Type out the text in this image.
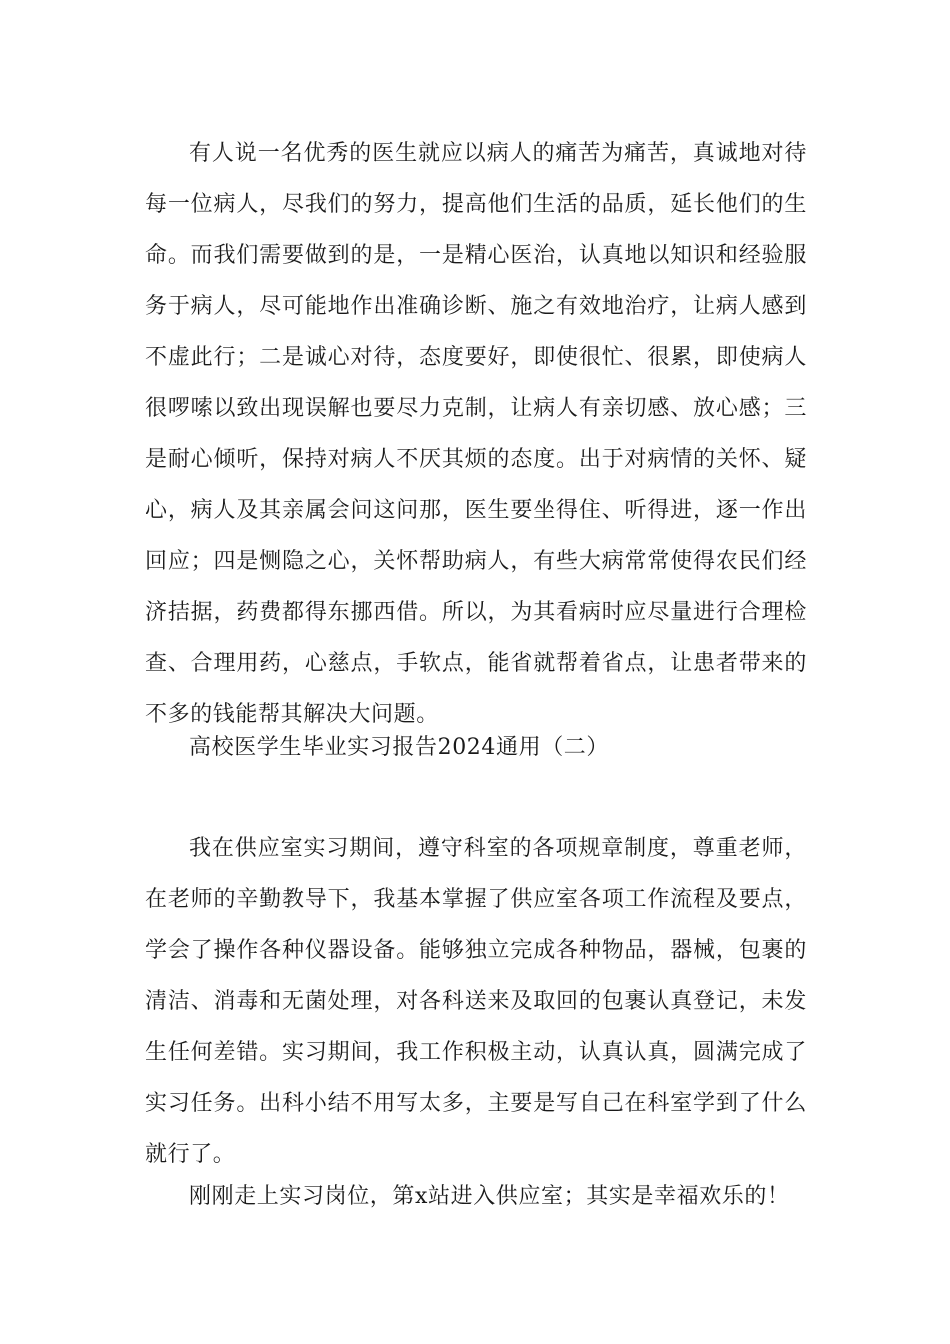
有人说一名优秀的医生就应以病人的痛苦为痛苦，真诚地对待每一位病人，尽我们的努力，提高他们生活的品质，延长他们的生命。而我们需要做到的是，一是精心医治，认真地以知识和经验服务于病人，尽可能地作出准确诊断、施之有效地治疗，让病人感到不虚此行；二是诚心对待，态度要好，即使很忙、很累，即使病人很啰嗦以致出现误解也要尽力克制，让病人有亲切感、放心感；三是耐心倾听，保持对病人不厌其烦的态度。出于对病情的关怀、疑心，病人及其亲属会问这问那，医生要坐得住、听得进，逐一作出回应；四是恻隐之心，关怀帮助病人，有些大病常常使得农民们经济拮据，药费都得东挪西借。所以，为其看病时应尽量进行合理检查、合理用药，心慈点，手软点，能省就帮着省点，让患者带来的不多的钱能帮其解决大问题。

高校医学生毕业实习报告2024通用（二）

我在供应室实习期间，遵守科室的各项规章制度，尊重老师，在老师的辛勤教导下，我基本掌握了供应室各项工作流程及要点，学会了操作各种仪器设备。能够独立完成各种物品，器械，包裹的清洁、消毒和无菌处理，对各科送来及取回的包裹认真登记，未发生任何差错。实习期间，我工作积极主动，认真认真，圆满完成了实习任务。出科小结不用写太多，主要是写自己在科室学到了什么就行了。

刚刚走上实习岗位，第x站进入供应室；其实是幸福欢乐的！
